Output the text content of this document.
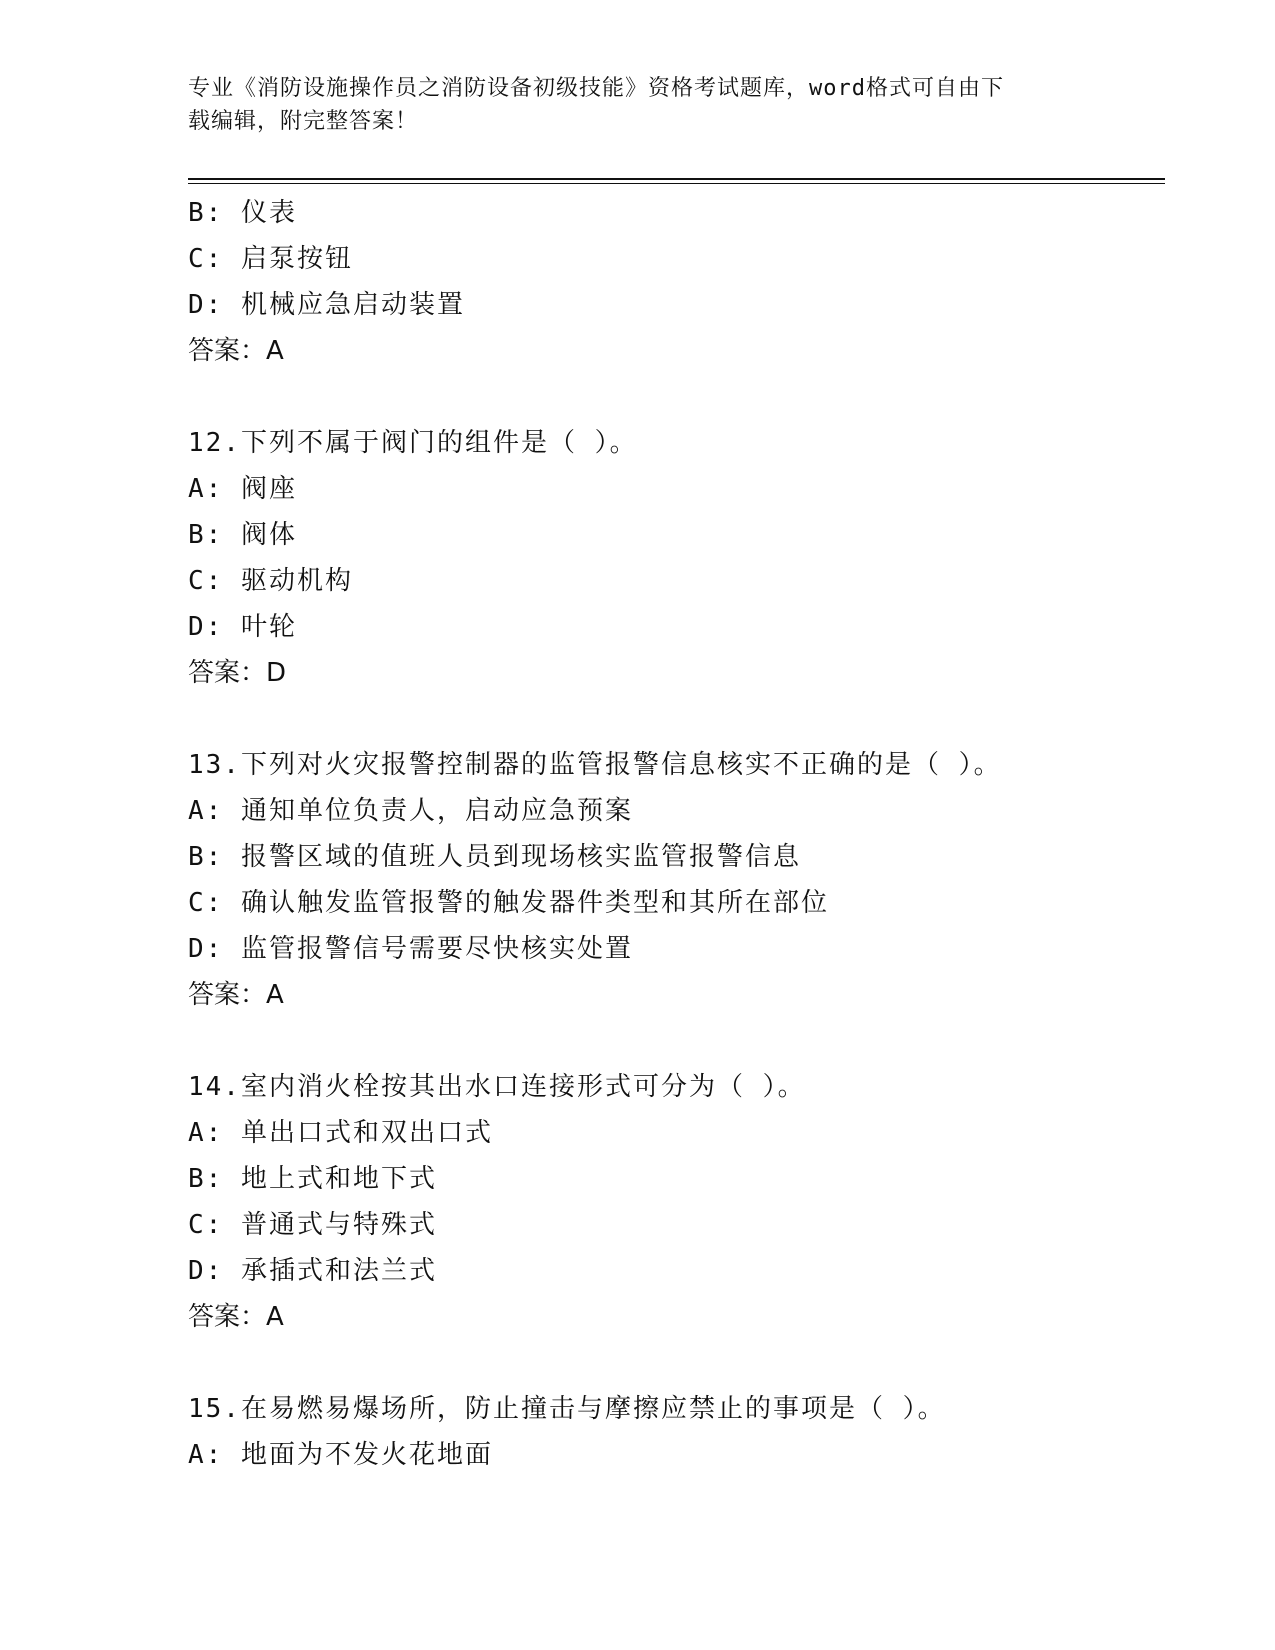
专业《消防设施操作员之消防设备初级技能》资格考试题库，word格式可自由下
载编辑，附完整答案！
B: 仪表
C: 启泵按钮
D: 机械应急启动装置
答案：A
12.下列不属于阀门的组件是（ ）。
A: 阀座
B: 阀体
C: 驱动机构
D: 叶轮
答案：D
13.下列对火灾报警控制器的监管报警信息核实不正确的是（ ）。
A: 通知单位负责人，启动应急预案
B: 报警区域的值班人员到现场核实监管报警信息
C: 确认触发监管报警的触发器件类型和其所在部位
D: 监管报警信号需要尽快核实处置
答案：A
14.室内消火栓按其出水口连接形式可分为（ ）。
A: 单出口式和双出口式
B: 地上式和地下式
C: 普通式与特殊式
D: 承插式和法兰式
答案：A
15.在易燃易爆场所，防止撞击与摩擦应禁止的事项是（ ）。
A: 地面为不发火花地面
